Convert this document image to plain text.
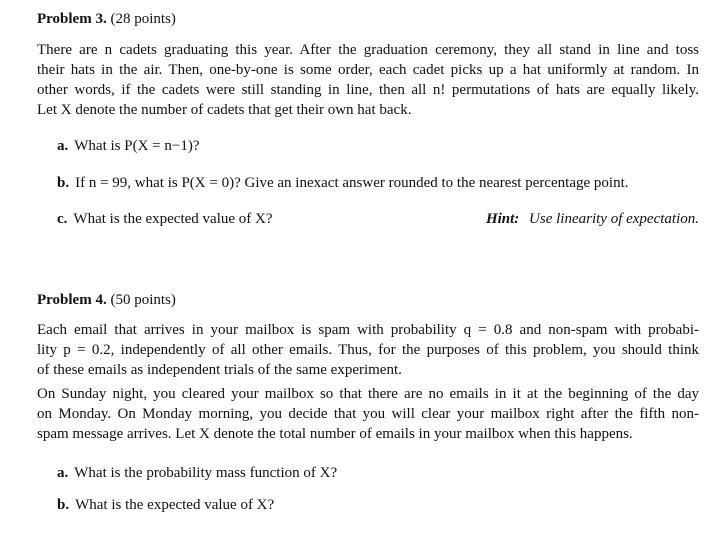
Problem 3. (28 points)
There are n cadets graduating this year. After the graduation ceremony, they all stand in line and toss
their hats in the air. Then, one-by-one is some order, each cadet picks up a hat uniformly at random. In
other words, if the cadets were still standing in line, then all n! permutations of hats are equally likely.
Let X denote the number of cadets that get their own hat back.
a. What is P(X = n−1)?
b. If n = 99, what is P(X = 0)? Give an inexact answer rounded to the nearest percentage point.
c. What is the expected value of X?	Hint: Use linearity of expectation.
Problem 4. (50 points)
Each email that arrives in your mailbox is spam with probability q = 0.8 and non-spam with probabi-
lity p = 0.2, independently of all other emails. Thus, for the purposes of this problem, you should think
of these emails as independent trials of the same experiment.
On Sunday night, you cleared your mailbox so that there are no emails in it at the beginning of the day
on Monday. On Monday morning, you decide that you will clear your mailbox right after the fifth non-
spam message arrives. Let X denote the total number of emails in your mailbox when this happens.
a. What is the probability mass function of X?
b. What is the expected value of X?
